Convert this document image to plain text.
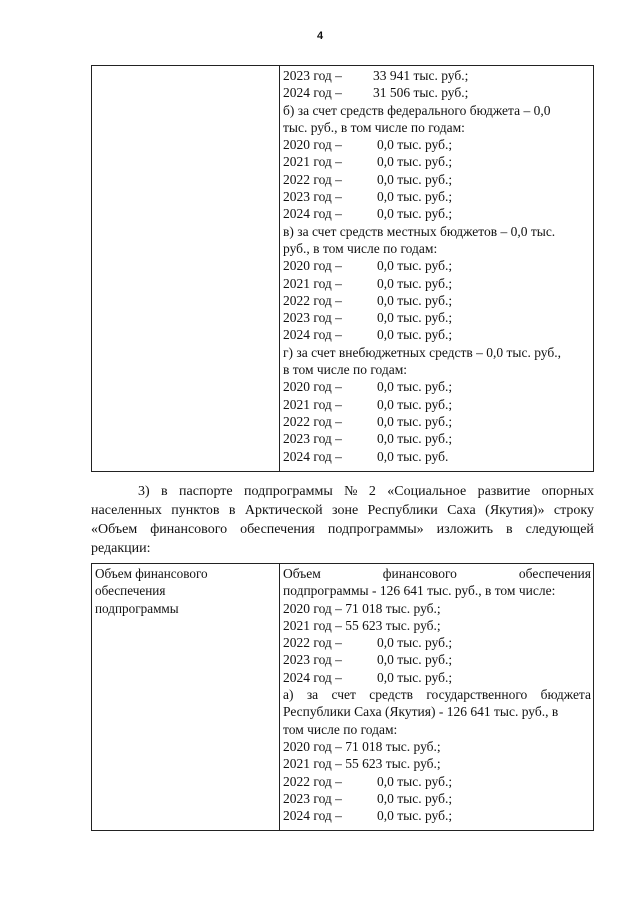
4

2023 год –	33 941 тыс. руб.;
2024 год –	31 506 тыс. руб.;
б) за счет средств федерального бюджета – 0,0
тыс. руб., в том числе по годам:
2020 год –	0,0 тыс. руб.;
2021 год –	0,0 тыс. руб.;
2022 год –	0,0 тыс. руб.;
2023 год –	0,0 тыс. руб.;
2024 год –	0,0 тыс. руб.;
в) за счет средств местных бюджетов – 0,0 тыс.
руб., в том числе по годам:
2020 год –	0,0 тыс. руб.;
2021 год –	0,0 тыс. руб.;
2022 год –	0,0 тыс. руб.;
2023 год –	0,0 тыс. руб.;
2024 год –	0,0 тыс. руб.;
г) за счет внебюджетных средств – 0,0 тыс. руб.,
в том числе по годам:
2020 год –	0,0 тыс. руб.;
2021 год –	0,0 тыс. руб.;
2022 год –	0,0 тыс. руб.;
2023 год –	0,0 тыс. руб.;
2024 год –	0,0 тыс. руб.
3) в паспорте подпрограммы № 2 «Социальное развитие опорных
населенных пунктов в Арктической зоне Республики Саха (Якутия)» строку
«Объем финансового обеспечения подпрограммы» изложить в следующей
редакции:
Объем финансового
обеспечения
подпрограммы

Объем финансового обеспечения
подпрограммы - 126 641 тыс. руб., в том числе:
2020 год – 71 018 тыс. руб.;
2021 год – 55 623 тыс. руб.;
2022 год –	0,0 тыс. руб.;
2023 год –	0,0 тыс. руб.;
2024 год –	0,0 тыс. руб.;
а) за счет средств государственного бюджета
Республики Саха (Якутия) - 126 641 тыс. руб., в
том числе по годам:
2020 год – 71 018 тыс. руб.;
2021 год – 55 623 тыс. руб.;
2022 год –	0,0 тыс. руб.;
2023 год –	0,0 тыс. руб.;
2024 год –	0,0 тыс. руб.;
